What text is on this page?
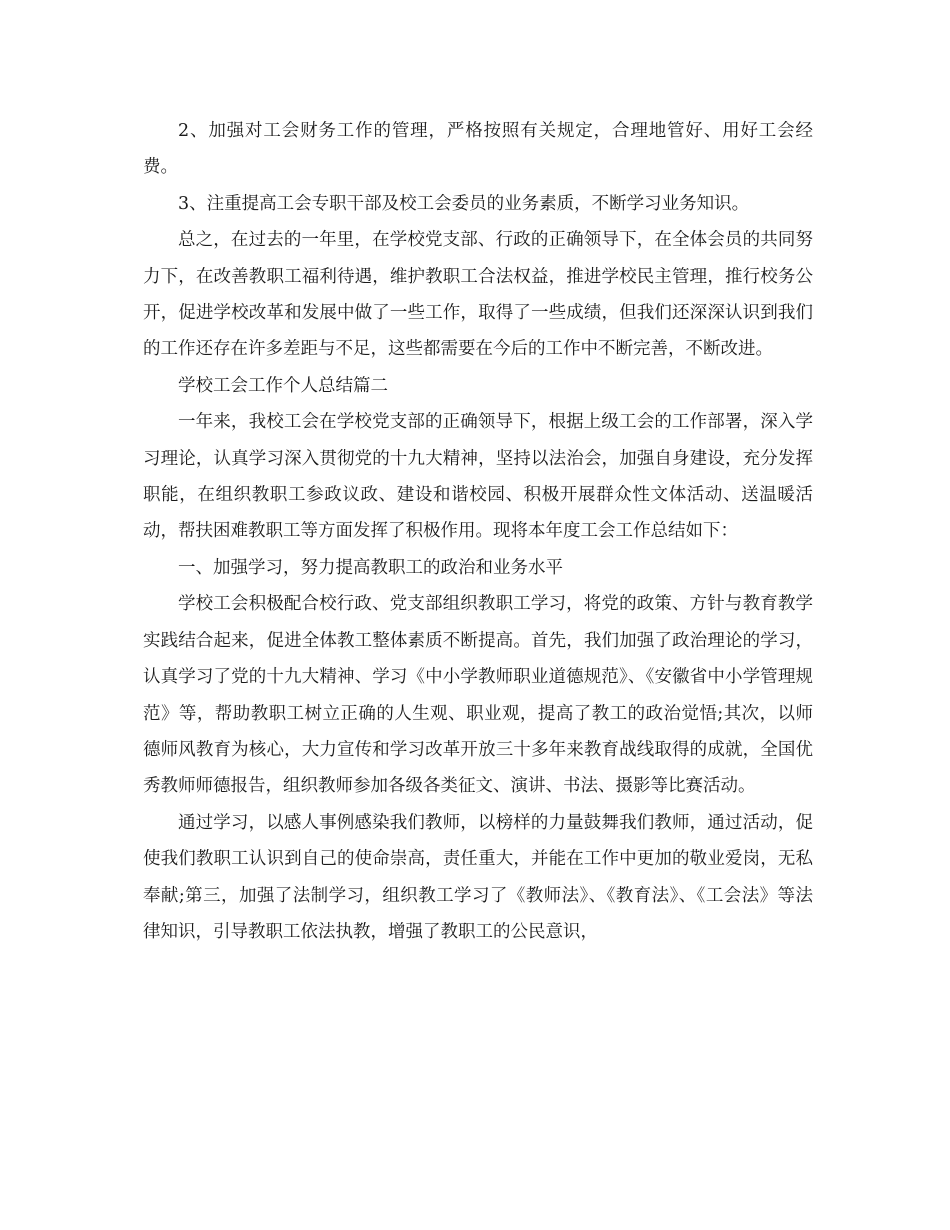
2、加强对工会财务工作的管理，严格按照有关规定，合理地管好、用好工会经费。

3、注重提高工会专职干部及校工会委员的业务素质，不断学习业务知识。

总之，在过去的一年里，在学校党支部、行政的正确领导下，在全体会员的共同努力下，在改善教职工福利待遇，维护教职工合法权益，推进学校民主管理，推行校务公开，促进学校改革和发展中做了一些工作，取得了一些成绩，但我们还深深认识到我们的工作还存在许多差距与不足，这些都需要在今后的工作中不断完善，不断改进。

学校工会工作个人总结篇二

一年来，我校工会在学校党支部的正确领导下，根据上级工会的工作部署，深入学习理论，认真学习深入贯彻党的十九大精神，坚持以法治会，加强自身建设，充分发挥职能，在组织教职工参政议政、建设和谐校园、积极开展群众性文体活动、送温暖活动，帮扶困难教职工等方面发挥了积极作用。现将本年度工会工作总结如下：

一、加强学习，努力提高教职工的政治和业务水平

学校工会积极配合校行政、党支部组织教职工学习，将党的政策、方针与教育教学实践结合起来，促进全体教工整体素质不断提高。首先，我们加强了政治理论的学习，认真学习了党的十九大精神、学习《中小学教师职业道德规范》、《安徽省中小学管理规范》等，帮助教职工树立正确的人生观、职业观，提高了教工的政治觉悟;其次，以师德师风教育为核心，大力宣传和学习改革开放三十多年来教育战线取得的成就，全国优秀教师师德报告，组织教师参加各级各类征文、演讲、书法、摄影等比赛活动。

通过学习，以感人事例感染我们教师，以榜样的力量鼓舞我们教师，通过活动，促使我们教职工认识到自己的使命崇高，责任重大，并能在工作中更加的敬业爱岗，无私奉献;第三，加强了法制学习，组织教工学习了《教师法》、《教育法》、《工会法》等法律知识，引导教职工依法执教，增强了教职工的公民意识，
